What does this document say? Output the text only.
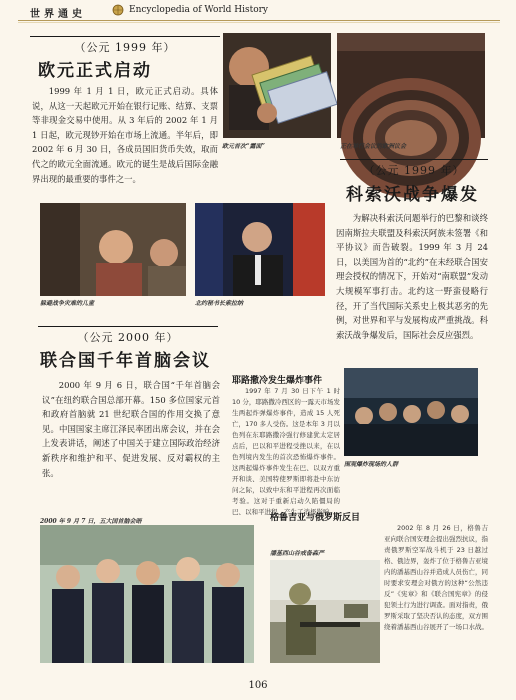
世界通史	Encyclopedia of World History
（公元 1999 年）
欧元正式启动
1999 年 1 月 1 日，欧元正式启动。具体说，从这一天起欧元开始在银行记账、结算、支票等非现金交易中使用。从 3 年后的 2002 年 1 月 1 日起，欧元现钞开始在市场上流通。半年后，即 2002 年 6 月 30 日，各成员国旧货币失效，取而代之的欧元全面流通。欧元的诞生是战后国际金融界出现的最重要的事件之一。
欧元首次“露面”	正在举行会议的欧洲议会
（公元 1999 年）
科索沃战争爆发
躲避战争灾难的儿童	北约秘书长索拉纳
为解决科索沃问题举行的巴黎和谈终因南斯拉夫联盟及科索沃阿族未签署《和平协议》而告破裂。1999 年 3 月 24 日，以美国为首的“北约”在未经联合国安理会授权的情况下，开始对“南联盟”发动大规模军事打击。北约这一野蛮侵略行径，开了当代国际关系史上极其恶劣的先例，对世界和平与发展构成严重挑战。科索沃战争爆发后，国际社会反应强烈。
（公元 2000 年）
联合国千年首脑会议
2000 年 9 月 6 日，联合国“千年首脑会议”在纽约联合国总部开幕。150 多位国家元首和政府首脑就 21 世纪联合国的作用交换了意见。中国国家主席江泽民率团出席会议，并在会上发表讲话，阐述了中国关于建立国际政治经济新秩序和维护和平、促进发展、反对霸权的主张。
耶路撒冷发生爆炸事件
1997 年 7 月 30 日下午 1 时 10 分，耶路撒冷西区的一露天市场发生两起炸弹爆炸事件，造成 15 人死亡，170 多人受伤。这是本年 3 月以色列在东耶路撒冷强行修建犹太定居点后，巴以和平进程受挫以来，在以色列境内发生的首次恐怖爆炸事件。这两起爆炸事件发生在巴、以双方重开和谈、美国特使罗斯即将赴中东访问之际，以致中东和平进程再次面临考验。这对于重新启动久陷僵局的巴、以和平进程，产生了消极影响。
围观爆炸现场的人群
2000 年 9 月 7 日，五大国首脑会晤	格鲁吉亚与俄罗斯反目
2002 年 8 月 26 日，格鲁吉亚向联合国安理会提出强烈抗议，指责俄罗斯空军战斗机于 23 日越过格、俄边界，轰炸了位于格鲁吉亚境内的潘基西山谷并造成人员伤亡，同时要求安理会对俄方的这种“公然违反”《宪章》和《联合国宪章》的侵犯领土行为进行调查。面对指责，俄罗斯采取了坚决否认的态度，双方围绕着潘基西山谷展开了一场口水战。
潘基西山谷戒备森严
106
